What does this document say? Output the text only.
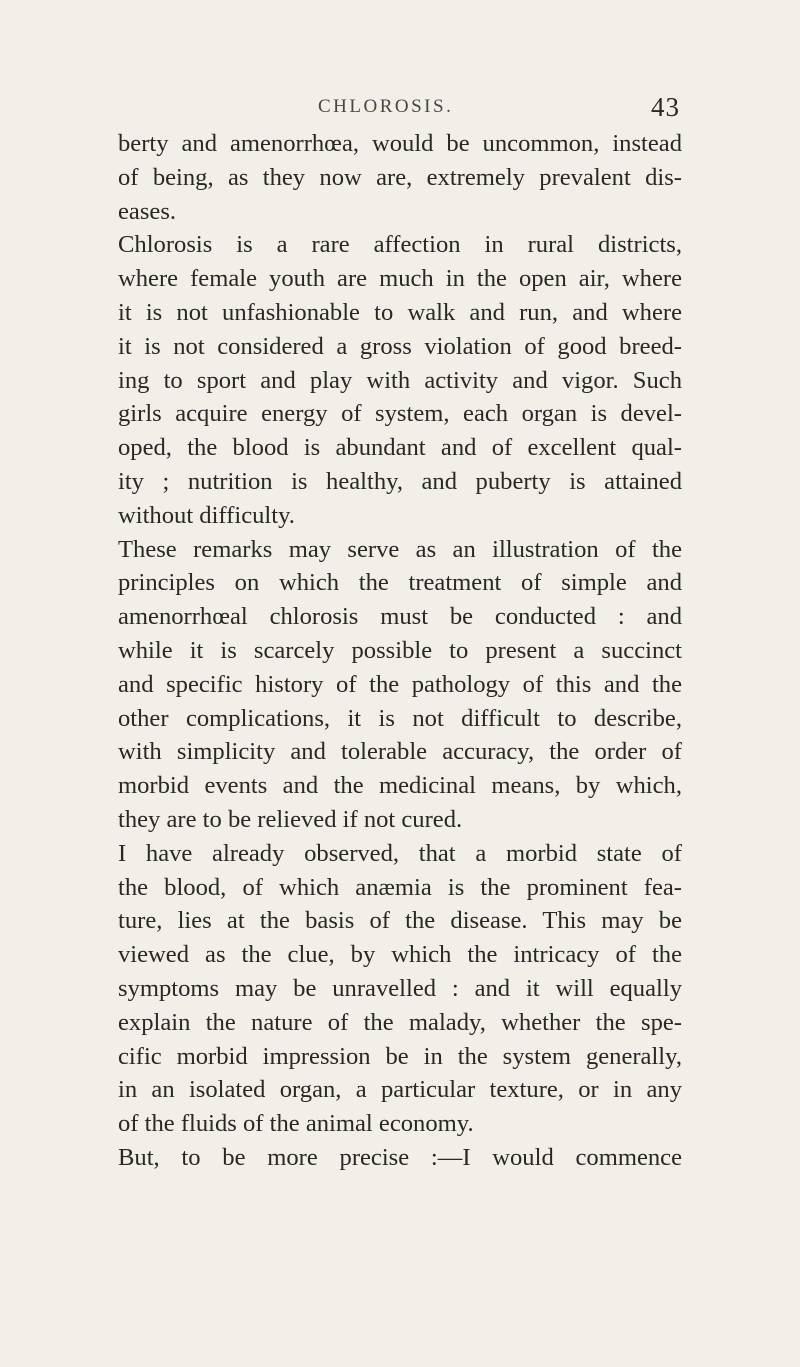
CHLOROSIS.	43
berty and amenorrhœa, would be uncommon, instead
of being, as they now are, extremely prevalent dis-
eases.
Chlorosis is a rare affection in rural districts,
where female youth are much in the open air, where
it is not unfashionable to walk and run, and where
it is not considered a gross violation of good breed-
ing to sport and play with activity and vigor. Such
girls acquire energy of system, each organ is devel-
oped, the blood is abundant and of excellent qual-
ity ; nutrition is healthy, and puberty is attained
without difficulty.
These remarks may serve as an illustration of the
principles on which the treatment of simple and
amenorrhœal chlorosis must be conducted : and
while it is scarcely possible to present a succinct
and specific history of the pathology of this and the
other complications, it is not difficult to describe,
with simplicity and tolerable accuracy, the order of
morbid events and the medicinal means, by which,
they are to be relieved if not cured.
I have already observed, that a morbid state of
the blood, of which anæmia is the prominent fea-
ture, lies at the basis of the disease. This may be
viewed as the clue, by which the intricacy of the
symptoms may be unravelled : and it will equally
explain the nature of the malady, whether the spe-
cific morbid impression be in the system generally,
in an isolated organ, a particular texture, or in any
of the fluids of the animal economy.
But, to be more precise :—I would commence
